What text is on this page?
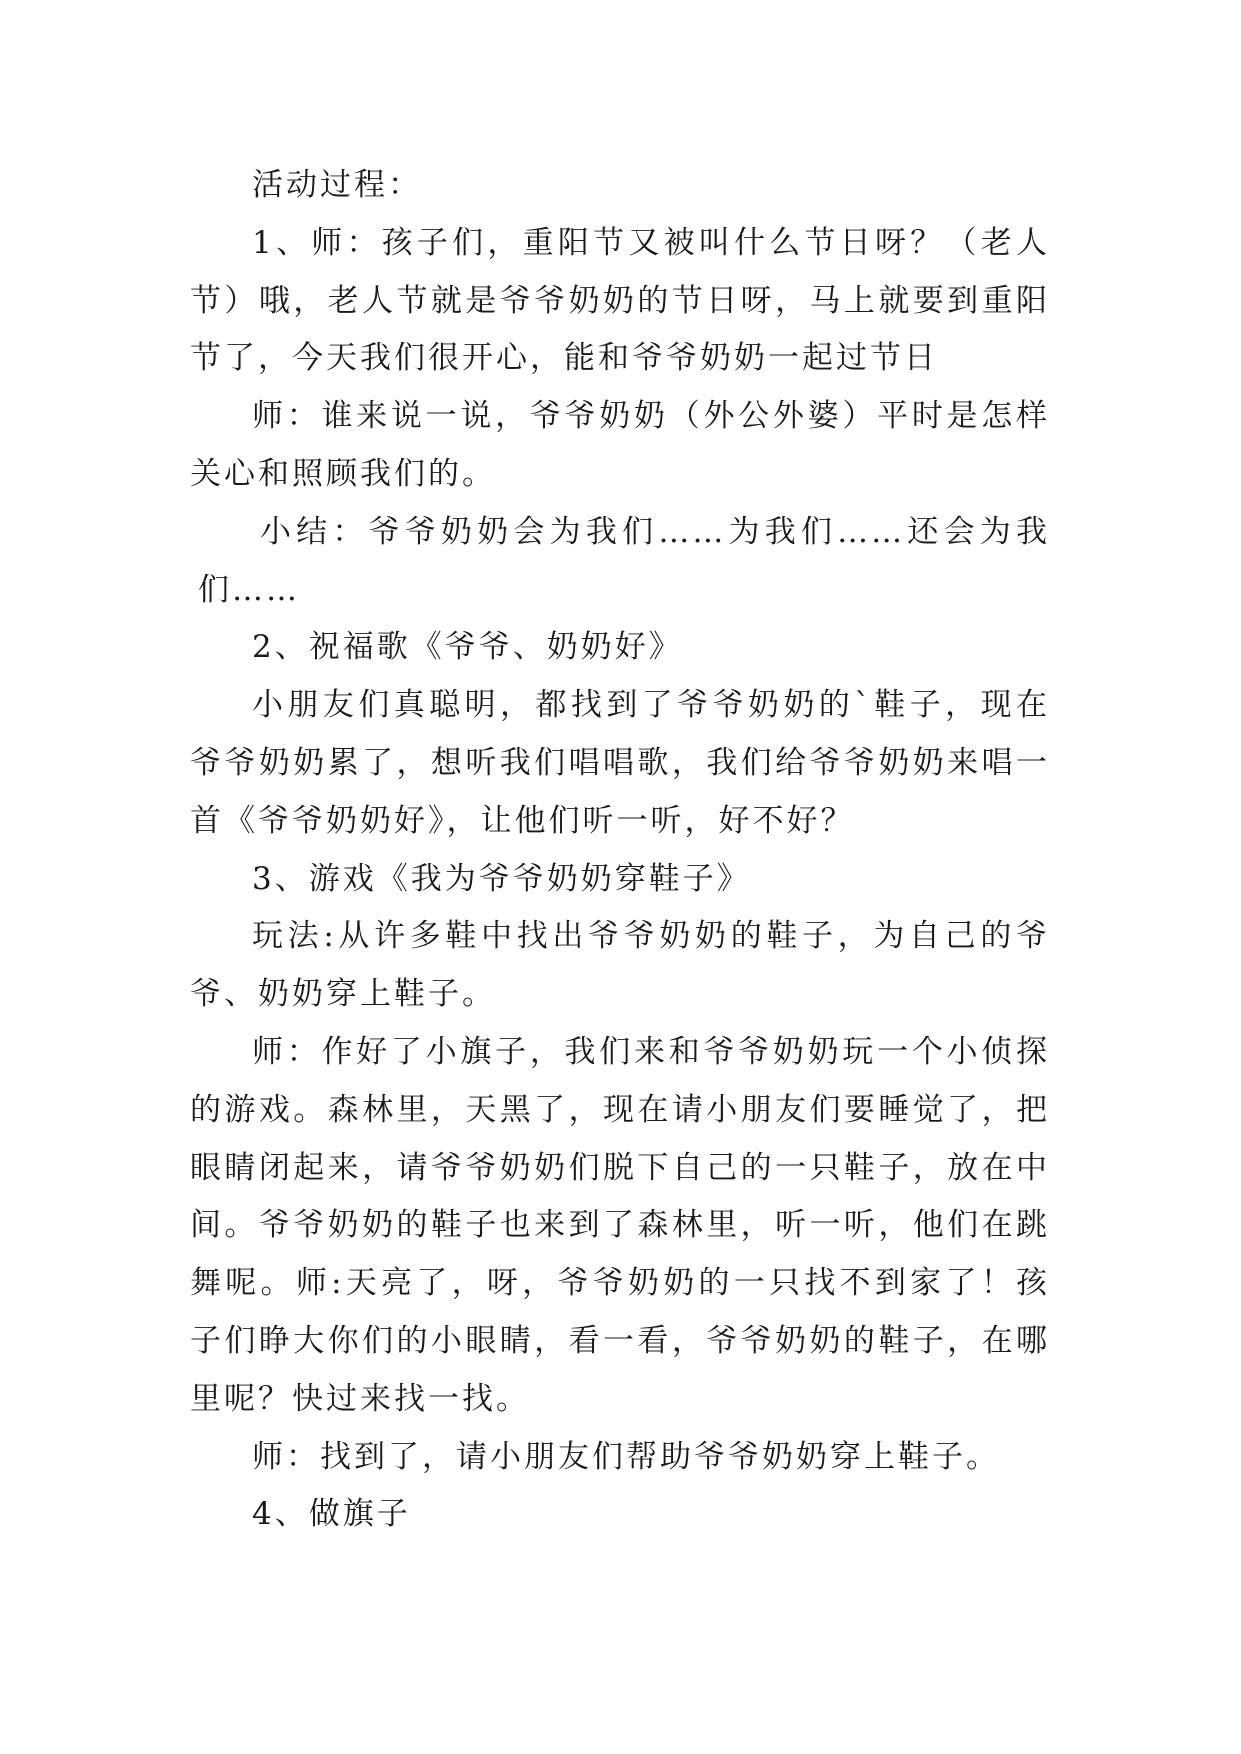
活动过程：

1、师：孩子们，重阳节又被叫什么节日呀？（老人节）哦，老人节就是爷爷奶奶的节日呀，马上就要到重阳节了，今天我们很开心，能和爷爷奶奶一起过节日

师：谁来说一说，爷爷奶奶（外公外婆）平时是怎样关心和照顾我们的。

小结：爷爷奶奶会为我们……为我们……还会为我们……

2、祝福歌《爷爷、奶奶好》

小朋友们真聪明，都找到了爷爷奶奶的`鞋子，现在爷爷奶奶累了，想听我们唱唱歌，我们给爷爷奶奶来唱一首《爷爷奶奶好》，让他们听一听，好不好？

3、游戏《我为爷爷奶奶穿鞋子》

玩法:从许多鞋中找出爷爷奶奶的鞋子，为自己的爷爷、奶奶穿上鞋子。

师：作好了小旗子，我们来和爷爷奶奶玩一个小侦探的游戏。森林里，天黑了，现在请小朋友们要睡觉了，把眼睛闭起来，请爷爷奶奶们脱下自己的一只鞋子，放在中间。爷爷奶奶的鞋子也来到了森林里，听一听，他们在跳舞呢。师:天亮了，呀，爷爷奶奶的一只找不到家了！孩子们睁大你们的小眼睛，看一看，爷爷奶奶的鞋子，在哪里呢？快过来找一找。

师：找到了，请小朋友们帮助爷爷奶奶穿上鞋子。

4、做旗子
